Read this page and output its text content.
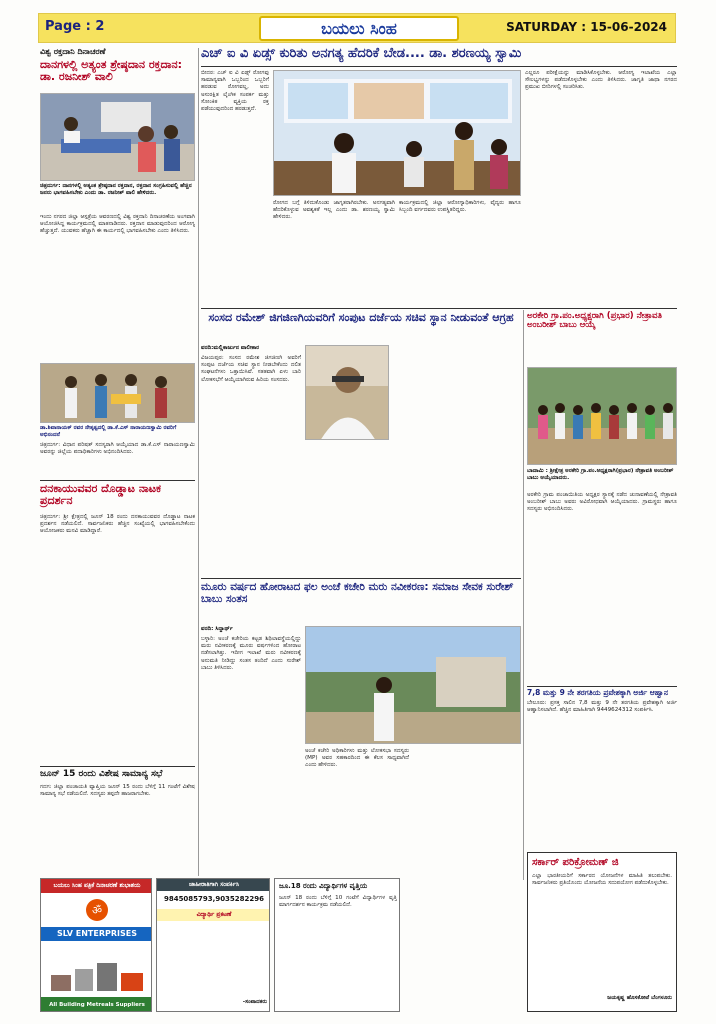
Page : 2	ಬಯಲು ಸಿಂಹ	SATURDAY : 15-06-2024
ವಿಶ್ವ ರಕ್ತದಾನಿ ದಿನಾಚರಣೆ
ದಾನಗಳಲ್ಲಿ ಅತ್ಯಂತ ಶ್ರೇಷ್ಠದಾನ ರಕ್ತದಾನ: ಡಾ. ರಜನೀಶ್ ವಾಲಿ
ಚಿತ್ರದುರ್ಗ: ದಾನಗಳಲ್ಲಿ ಅತ್ಯಂತ ಶ್ರೇಷ್ಠದಾನ ರಕ್ತದಾನ, ರಕ್ತದಾನ ಸಂಗ್ರಹಿಸುವಲ್ಲಿ ಹೆಚ್ಚಿನ ಜನರು ಭಾಗವಹಿಸಬೇಕು ಎಂದು ಡಾ. ರಜನೀಶ್ ವಾಲಿ ಹೇಳಿದರು.
ಇಂದು ನಗರದ ಜಿಲ್ಲಾ ಆಸ್ಪತ್ರೆಯ ಆವರಣದಲ್ಲಿ ವಿಶ್ವ ರಕ್ತದಾನಿ ದಿನಾಚರಣೆಯ ಅಂಗವಾಗಿ ಆಯೋಜಿಸಿದ್ದ ಕಾರ್ಯಕ್ರಮದಲ್ಲಿ ಮಾತನಾಡಿದರು. ರಕ್ತದಾನ ಮಾಡುವುದರಿಂದ ಆರೋಗ್ಯ ಹೆಚ್ಚುತ್ತದೆ. ಯುವಕರು ಹೆಚ್ಚಾಗಿ ಈ ಕಾರ್ಯದಲ್ಲಿ ಭಾಗವಹಿಸಬೇಕು ಎಂದು ತಿಳಿಸಿದರು.
ಡಾ.ಶಿವಾನಾಯಕ್ ರವರ ನೇತೃತ್ವದಲ್ಲಿ ಡಾ.ಕೆ.ಎಸ್ ನಾರಾಯಣಸ್ವಾಮಿ ರವರಿಗೆ ಅಭಿನಂದನೆ
ಚಿತ್ರದುರ್ಗ: ವಿಧಾನ ಪರಿಷತ್ ಸದಸ್ಯರಾಗಿ ಆಯ್ಕೆಯಾದ ಡಾ.ಕೆ.ಎಸ್ ನಾರಾಯಣಸ್ವಾಮಿ ಅವರನ್ನು ಜಿಲ್ಲೆಯ ಪದಾಧಿಕಾರಿಗಳು ಅಭಿನಂದಿಸಿದರು.
ದನಕಾಯುವವರ ದೊಡ್ಡಾಟ ನಾಟಕ ಪ್ರದರ್ಶನ
ಚಿತ್ರದುರ್ಗ: ಶ್ರೀ ಕ್ಷೇತ್ರದಲ್ಲಿ ಜೂನ್ 18 ರಂದು ದನಕಾಯುವವರ ದೊಡ್ಡಾಟ ನಾಟಕ ಪ್ರದರ್ಶನ ನಡೆಯಲಿದೆ. ಸಾರ್ವಜನಿಕರು ಹೆಚ್ಚಿನ ಸಂಖ್ಯೆಯಲ್ಲಿ ಭಾಗವಹಿಸಬೇಕೆಂದು ಆಯೋಜಕರು ಮನವಿ ಮಾಡಿದ್ದಾರೆ.
ಜೂನ್ 15 ರಂದು ವಿಶೇಷ ಸಾಮಾನ್ಯ ಸಭೆ
ಗದಗ: ಜಿಲ್ಲಾ ಪಂಚಾಯತಿ ವ್ಯಾಪ್ತಿಯ ಜೂನ್ 15 ರಂದು ಬೆಳಿಗ್ಗೆ 11 ಗಂಟೆಗೆ ವಿಶೇಷ ಸಾಮಾನ್ಯ ಸಭೆ ನಡೆಯಲಿದೆ. ಸದಸ್ಯರು ತಪ್ಪದೇ ಹಾಜರಾಗಬೇಕು.
ಎಚ್ ಐ ವಿ ಏಡ್ಸ್ ಕುರಿತು ಅನಗತ್ಯ ಹೆದರಿಕೆ ಬೇಡ.... ಡಾ. ಶರಣಯ್ಯ ಸ್ವಾಮಿ
ಬೀದರ: ಎಚ್ ಐ ವಿ ಏಡ್ಸ್ ರೋಗವು ಸಾಮಾನ್ಯವಾಗಿ ಒಬ್ಬರಿಂದ ಒಬ್ಬರಿಗೆ ಹರಡುವ ರೋಗವಲ್ಲ, ಅದು ಅಸುರಕ್ಷಿತ ಲೈಂಗಿಕ ಸಂಪರ್ಕ ಮತ್ತು ಸೋಂಕಿತ ವ್ಯಕ್ತಿಯ ರಕ್ತ ಪಡೆಯುವುದರಿಂದ ಹರಡುತ್ತದೆ.
ರೋಗದ ಬಗ್ಗೆ ತಿಳಿದುಕೊಂಡು ಜಾಗೃತರಾಗಿರಬೇಕು. ಅನಗತ್ಯವಾಗಿ ಹೆದರಿಕೊಳ್ಳುವ ಅವಶ್ಯಕತೆ ಇಲ್ಲ ಎಂದು ಡಾ. ಶರಣಯ್ಯ ಸ್ವಾಮಿ ಹೇಳಿದರು.
ಕಾರ್ಯಕ್ರಮದಲ್ಲಿ ಜಿಲ್ಲಾ ಆರೋಗ್ಯಾಧಿಕಾರಿಗಳು, ವೈದ್ಯರು ಹಾಗೂ ಸಿಬ್ಬಂದಿ ವರ್ಗದವರು ಉಪಸ್ಥಿತರಿದ್ದರು.
ಎಲ್ಲರೂ ಪರೀಕ್ಷೆಯನ್ನು ಮಾಡಿಸಿಕೊಳ್ಳಬೇಕು. ಆರೋಗ್ಯ ಇಲಾಖೆಯ ಎಲ್ಲಾ ಸೌಲಭ್ಯಗಳನ್ನು ಪಡೆದುಕೊಳ್ಳಬೇಕು ಎಂದು ತಿಳಿಸಿದರು. ಜಾಗೃತಿ ಜಾಥಾ ನಗರದ ಪ್ರಮುಖ ಬೀದಿಗಳಲ್ಲಿ ಸಂಚರಿಸಿತು.
ಸಂಸದ ರಮೇಶ್ ಜಿಗಜಿಣಗಿಯವರಿಗೆ ಸಂಪುಟ ದರ್ಜೆಯ ಸಚಿವ ಸ್ಥಾನ ನೀಡುವಂತೆ ಆಗ್ರಹ
ವರದಿ:ಮಲ್ಲಿಕಾರ್ಜುನ ವಾಲೀಕಾರ
ವಿಜಯಪುರ: ಸಂಸದ ರಮೇಶ ಜಿಗಜಿಣಗಿ ಅವರಿಗೆ ಸಂಪುಟ ದರ್ಜೆಯ ಸಚಿವ ಸ್ಥಾನ ನೀಡಬೇಕೆಂದು ದಲಿತ ಸಂಘಟನೆಗಳು ಒತ್ತಾಯಿಸಿವೆ. ಸತತವಾಗಿ ಏಳು ಬಾರಿ ಲೋಕಸಭೆಗೆ ಆಯ್ಕೆಯಾಗಿರುವ ಹಿರಿಯ ಸಂಸದರು.
ಅರಕೇರಿ ಗ್ರಾ.ಪಂ.ಅಧ್ಯಕ್ಷರಾಗಿ (ಪ್ರಭಾರ) ನೇತ್ರಾವತಿ ಅಂಬರೀಶ್ ಬಾಬು ಆಯ್ಕೆ
ಬಾದಾಮಿ : ಶ್ರೀಕ್ಷೇತ್ರ ಅರಕೇರಿ ಗ್ರಾ.ಪಂ.ಅಧ್ಯಕ್ಷರಾಗಿ(ಪ್ರಭಾರ) ನೇತ್ರಾವತಿ ಅಂಬರೀಶ್ ಬಾಬು ಆಯ್ಕೆಯಾದರು.
ಅರಕೇರಿ ಗ್ರಾಮ ಪಂಚಾಯಿತಿಯ ಅಧ್ಯಕ್ಷರ ಸ್ಥಾನಕ್ಕೆ ನಡೆದ ಚುನಾವಣೆಯಲ್ಲಿ ನೇತ್ರಾವತಿ ಅಂಬರೀಶ್ ಬಾಬು ಅವರು ಅವಿರೋಧವಾಗಿ ಆಯ್ಕೆಯಾದರು. ಗ್ರಾಮಸ್ಥರು ಹಾಗೂ ಸದಸ್ಯರು ಅಭಿನಂದಿಸಿದರು.
ಮೂರು ವರ್ಷದ ಹೋರಾಟದ ಫಲ ಅಂಚೆ ಕಚೇರಿ ಮರು ನವೀಕರಣ: ಸಮಾಜ ಸೇವಕ ಸುರೇಶ್ ಬಾಬು ಸಂತಸ
ವರದಿ: ಸಿದ್ದಾರ್ಥ್
ಬಳ್ಳಾರಿ: ಅಂಚೆ ಕಚೇರಿಯ ಕಟ್ಟಡ ಶಿಥಿಲಾವಸ್ಥೆಯಲ್ಲಿದ್ದು ಮರು ನವೀಕರಣಕ್ಕೆ ಮೂರು ವರ್ಷಗಳಿಂದ ಹೋರಾಟ ನಡೆಸಲಾಗಿತ್ತು. ಇದೀಗ ಇಲಾಖೆ ಮರು ನವೀಕರಣಕ್ಕೆ ಅನುಮತಿ ನೀಡಿದ್ದು ಸಂತಸ ತಂದಿದೆ ಎಂದು ಸುರೇಶ್ ಬಾಬು ತಿಳಿಸಿದರು.
ಅಂಚೆ ಕಚೇರಿ ಅಧಿಕಾರಿಗಳು ಮತ್ತು ಲೋಕಸಭಾ ಸದಸ್ಯರು (MP) ಅವರ ಸಹಕಾರದಿಂದ ಈ ಕೆಲಸ ಸಾಧ್ಯವಾಗಿದೆ ಎಂದು ಹೇಳಿದರು.
7,8 ಮತ್ತು 9 ನೇ ತರಗತಿಯ ಪ್ರವೇಶಕ್ಕಾಗಿ ಅರ್ಜಿ ಆಹ್ವಾನ
ಬೇಲೂರು: ಪ್ರಸಕ್ತ ಸಾಲಿನ 7,8 ಮತ್ತು 9 ನೇ ತರಗತಿಯ ಪ್ರವೇಶಕ್ಕಾಗಿ ಅರ್ಜಿ ಆಹ್ವಾನಿಸಲಾಗಿದೆ. ಹೆಚ್ಚಿನ ಮಾಹಿತಿಗಾಗಿ 9449624312 ಸಂಪರ್ಕಿಸಿ.
ಸರ್ಕಾರ್ ಪರಿಕ್ರೋಮಣ್ ಜಿ
ಎಲ್ಲಾ ಭಾರತೀಯರಿಗೆ ಸರ್ಕಾರದ ಯೋಜನೆಗಳ ಮಾಹಿತಿ ತಲುಪಬೇಕು. ಸಾರ್ವಜನಿಕರು ಪ್ರತಿಯೊಂದು ಯೋಜನೆಯ ಸದುಪಯೋಗ ಪಡೆದುಕೊಳ್ಳಬೇಕು.
ಜಯಕೃಷ್ಣ ಹೊಸಕೋಟೆ ಬೆಂಗಳೂರು
ಬಯಲು ಸಿಂಹ ಪತ್ರಿಕೆ ದಿನಾಚರಣೆ ಶುಭಾಶಯ
ॐ
SLV ENTERPRISES
All Building Metreals Suppliers
ಜಾಹೀರಾತಿಗಾಗಿ ಸಂಪರ್ಕಿಸಿ
9845085793,9035282296
ವಿದ್ಯಾರ್ಥಿ ಪ್ರಕಟಣೆ
-ಸಂಪಾದಕರು
ಜೂ.18 ರಂದು ವಿದ್ಯಾರ್ಥಿಗಳ ವೃತ್ತಿಯ
ಜೂನ್ 18 ರಂದು ಬೆಳಿಗ್ಗೆ 10 ಗಂಟೆಗೆ ವಿದ್ಯಾರ್ಥಿಗಳ ವೃತ್ತಿ ಮಾರ್ಗದರ್ಶನ ಕಾರ್ಯಕ್ರಮ ನಡೆಯಲಿದೆ.
